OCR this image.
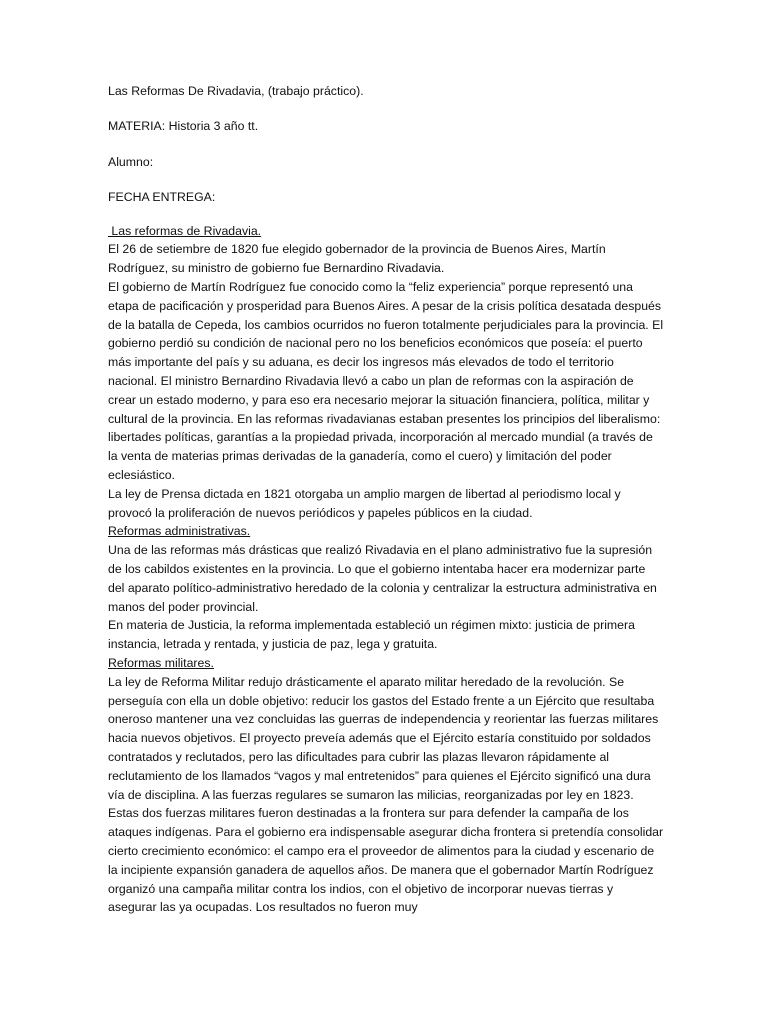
Las Reformas De Rivadavia, (trabajo práctico).

MATERIA: Historia 3 año tt.

Alumno:

FECHA ENTREGA:

Las reformas de Rivadavia.

El 26 de setiembre de 1820 fue elegido gobernador de la provincia de Buenos Aires, Martín Rodríguez, su ministro de gobierno fue Bernardino Rivadavia.

El gobierno de Martín Rodríguez fue conocido como la “feliz experiencia” porque representó una etapa de pacificación y prosperidad para Buenos Aires. A pesar de la crisis política desatada después de la batalla de Cepeda, los cambios ocurridos no fueron totalmente perjudiciales para la provincia. El gobierno perdió su condición de nacional pero no los beneficios económicos que poseía: el puerto más importante del país y su aduana, es decir los ingresos más elevados de todo el territorio nacional. El ministro Bernardino Rivadavia llevó a cabo un plan de reformas con la aspiración de crear un estado moderno, y para eso era necesario mejorar la situación financiera, política, militar y cultural de la provincia. En las reformas rivadavianas estaban presentes los principios del liberalismo: libertades políticas, garantías a la propiedad privada, incorporación al mercado mundial (a través de la venta de materias primas derivadas de la ganadería, como el cuero) y limitación del poder eclesiástico.

La ley de Prensa dictada en 1821 otorgaba un amplio margen de libertad al periodismo local y provocó la proliferación de nuevos periódicos y papeles públicos en la ciudad.

Reformas administrativas.

Una de las reformas más drásticas que realizó Rivadavia en el plano administrativo fue la supresión de los cabildos existentes en la provincia. Lo que el gobierno intentaba hacer era modernizar parte del aparato político-administrativo heredado de la colonia y centralizar la estructura administrativa en manos del poder provincial.

En materia de Justicia, la reforma implementada estableció un régimen mixto: justicia de primera instancia, letrada y rentada, y justicia de paz, lega y gratuita.

Reformas militares.

La ley de Reforma Militar redujo drásticamente el aparato militar heredado de la revolución. Se perseguía con ella un doble objetivo: reducir los gastos del Estado frente a un Ejército que resultaba oneroso mantener una vez concluidas las guerras de independencia y reorientar las fuerzas militares hacia nuevos objetivos. El proyecto preveía además que el Ejército estaría constituido por soldados contratados y reclutados, pero las dificultades para cubrir las plazas llevaron rápidamente al reclutamiento de los llamados “vagos y mal entretenidos” para quienes el Ejército significó una dura vía de disciplina. A las fuerzas regulares se sumaron las milicias, reorganizadas por ley en 1823.

Estas dos fuerzas militares fueron destinadas a la frontera sur para defender la campaña de los ataques indígenas. Para el gobierno era indispensable asegurar dicha frontera si pretendía consolidar cierto crecimiento económico: el campo era el proveedor de alimentos para la ciudad y escenario de la incipiente expansión ganadera de aquellos años. De manera que el gobernador Martín Rodríguez organizó una campaña militar contra los indios, con el objetivo de incorporar nuevas tierras y asegurar las ya ocupadas. Los resultados no fueron muy
